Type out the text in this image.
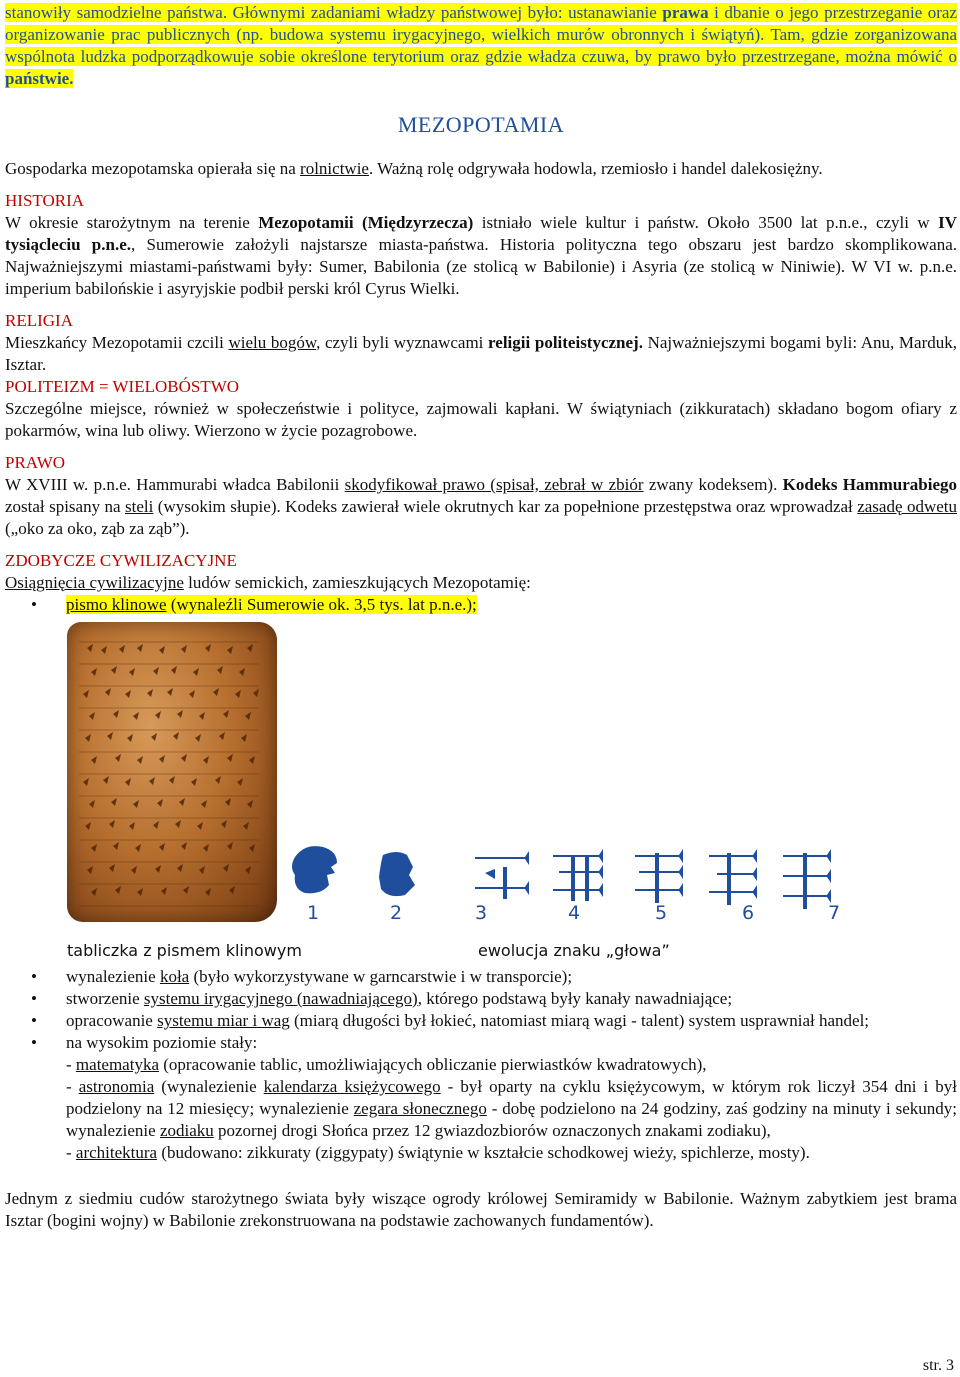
stanowiły samodzielne państwa. Głównymi zadaniami władzy państwowej było: ustanawianie prawa i dbanie o jego przestrzeganie oraz organizowanie prac publicznych (np. budowa systemu irygacyjnego, wielkich murów obronnych i świątyń). Tam, gdzie zorganizowana wspólnota ludzka podporządkowuje sobie określone terytorium oraz gdzie władza czuwa, by prawo było przestrzegane, można mówić o państwie.

MEZOPOTAMIA

Gospodarka mezopotamska opierała się na rolnictwie. Ważną rolę odgrywała hodowla, rzemiosło i handel dalekosiężny.

HISTORIA

W okresie starożytnym na terenie Mezopotamii (Międzyrzecza) istniało wiele kultur i państw. Około 3500 lat p.n.e., czyli w IV tysiącleciu p.n.e., Sumerowie założyli najstarsze miasta-państwa. Historia polityczna tego obszaru jest bardzo skomplikowana. Najważniejszymi miastami-państwami były: Sumer, Babilonia (ze stolicą w Babilonie) i Asyria (ze stolicą w Niniwie). W VI w. p.n.e. imperium babilońskie i asyryjskie podbił perski król Cyrus Wielki.

RELIGIA

Mieszkańcy Mezopotamii czcili wielu bogów, czyli byli wyznawcami religii politeistycznej. Najważniejszymi bogami byli: Anu, Marduk, Isztar.

POLITEIZM = WIELOBÓSTWO

Szczególne miejsce, również w społeczeństwie i polityce, zajmowali kapłani. W świątyniach (zikkuratach) składano bogom ofiary z pokarmów, wina lub oliwy. Wierzono w życie pozagrobowe.

PRAWO

W XVIII w. p.n.e. Hammurabi władca Babilonii skodyfikował prawo (spisał, zebrał w zbiór zwany kodeksem). Kodeks Hammurabiego został spisany na steli (wysokim słupie). Kodeks zawierał wiele okrutnych kar za popełnione przestępstwa oraz wprowadzał zasadę odwetu („oko za oko, ząb za ząb”).

ZDOBYCZE CYWILIZACYJNE

Osiągnięcia cywilizacyjne ludów semickich, zamieszkujących Mezopotamię:

• pismo klinowe (wynaleźli Sumerowie ok. 3,5 tys. lat p.n.e.);
1	2	3	4	5	6	7
tabliczka z pismem klinowym	ewolucja znaku „głowa”
• wynalezienie koła (było wykorzystywane w garncarstwie i w transporcie);
• stworzenie systemu irygacyjnego (nawadniającego), którego podstawą były kanały nawadniające;
• opracowanie systemu miar i wag (miarą długości był łokieć, natomiast miarą wagi - talent) system usprawniał handel;
• na wysokim poziomie stały:
- matematyka (opracowanie tablic, umożliwiających obliczanie pierwiastków kwadratowych),
- astronomia (wynalezienie kalendarza księżycowego - był oparty na cyklu księżycowym, w którym rok liczył 354 dni i był podzielony na 12 miesięcy; wynalezienie zegara słonecznego - dobę podzielono na 24 godziny, zaś godziny na minuty i sekundy; wynalezienie zodiaku pozornej drogi Słońca przez 12 gwiazdozbiorów oznaczonych znakami zodiaku),
- architektura (budowano: zikkuraty (ziggураty) świątynie w kształcie schodkowej wieży, spichlerze, mosty).

Jednym z siedmiu cudów starożytnego świata były wiszące ogrody królowej Semiramidy w Babilonie. Ważnym zabytkiem jest brama Isztar (bogini wojny) w Babilonie zrekonstruowana na podstawie zachowanych fundamentów).

str. 3
